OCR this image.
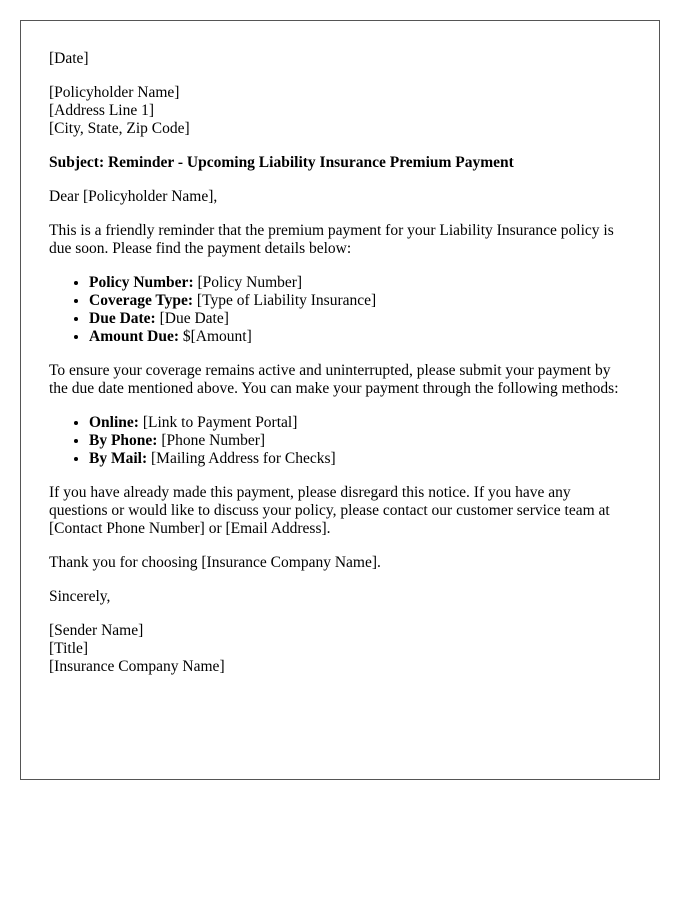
[Date]
[Policyholder Name]
[Address Line 1]
[City, State, Zip Code]
Subject: Reminder - Upcoming Liability Insurance Premium Payment

Dear [Policyholder Name],

This is a friendly reminder that the premium payment for your Liability Insurance policy is due soon. Please find the payment details below:

• Policy Number: [Policy Number]
• Coverage Type: [Type of Liability Insurance]
• Due Date: [Due Date]
• Amount Due: $[Amount]

To ensure your coverage remains active and uninterrupted, please submit your payment by the due date mentioned above. You can make your payment through the following methods:

• Online: [Link to Payment Portal]
• By Phone: [Phone Number]
• By Mail: [Mailing Address for Checks]

If you have already made this payment, please disregard this notice. If you have any questions or would like to discuss your policy, please contact our customer service team at [Contact Phone Number] or [Email Address].

Thank you for choosing [Insurance Company Name].

Sincerely,

[Sender Name]
[Title]
[Insurance Company Name]
